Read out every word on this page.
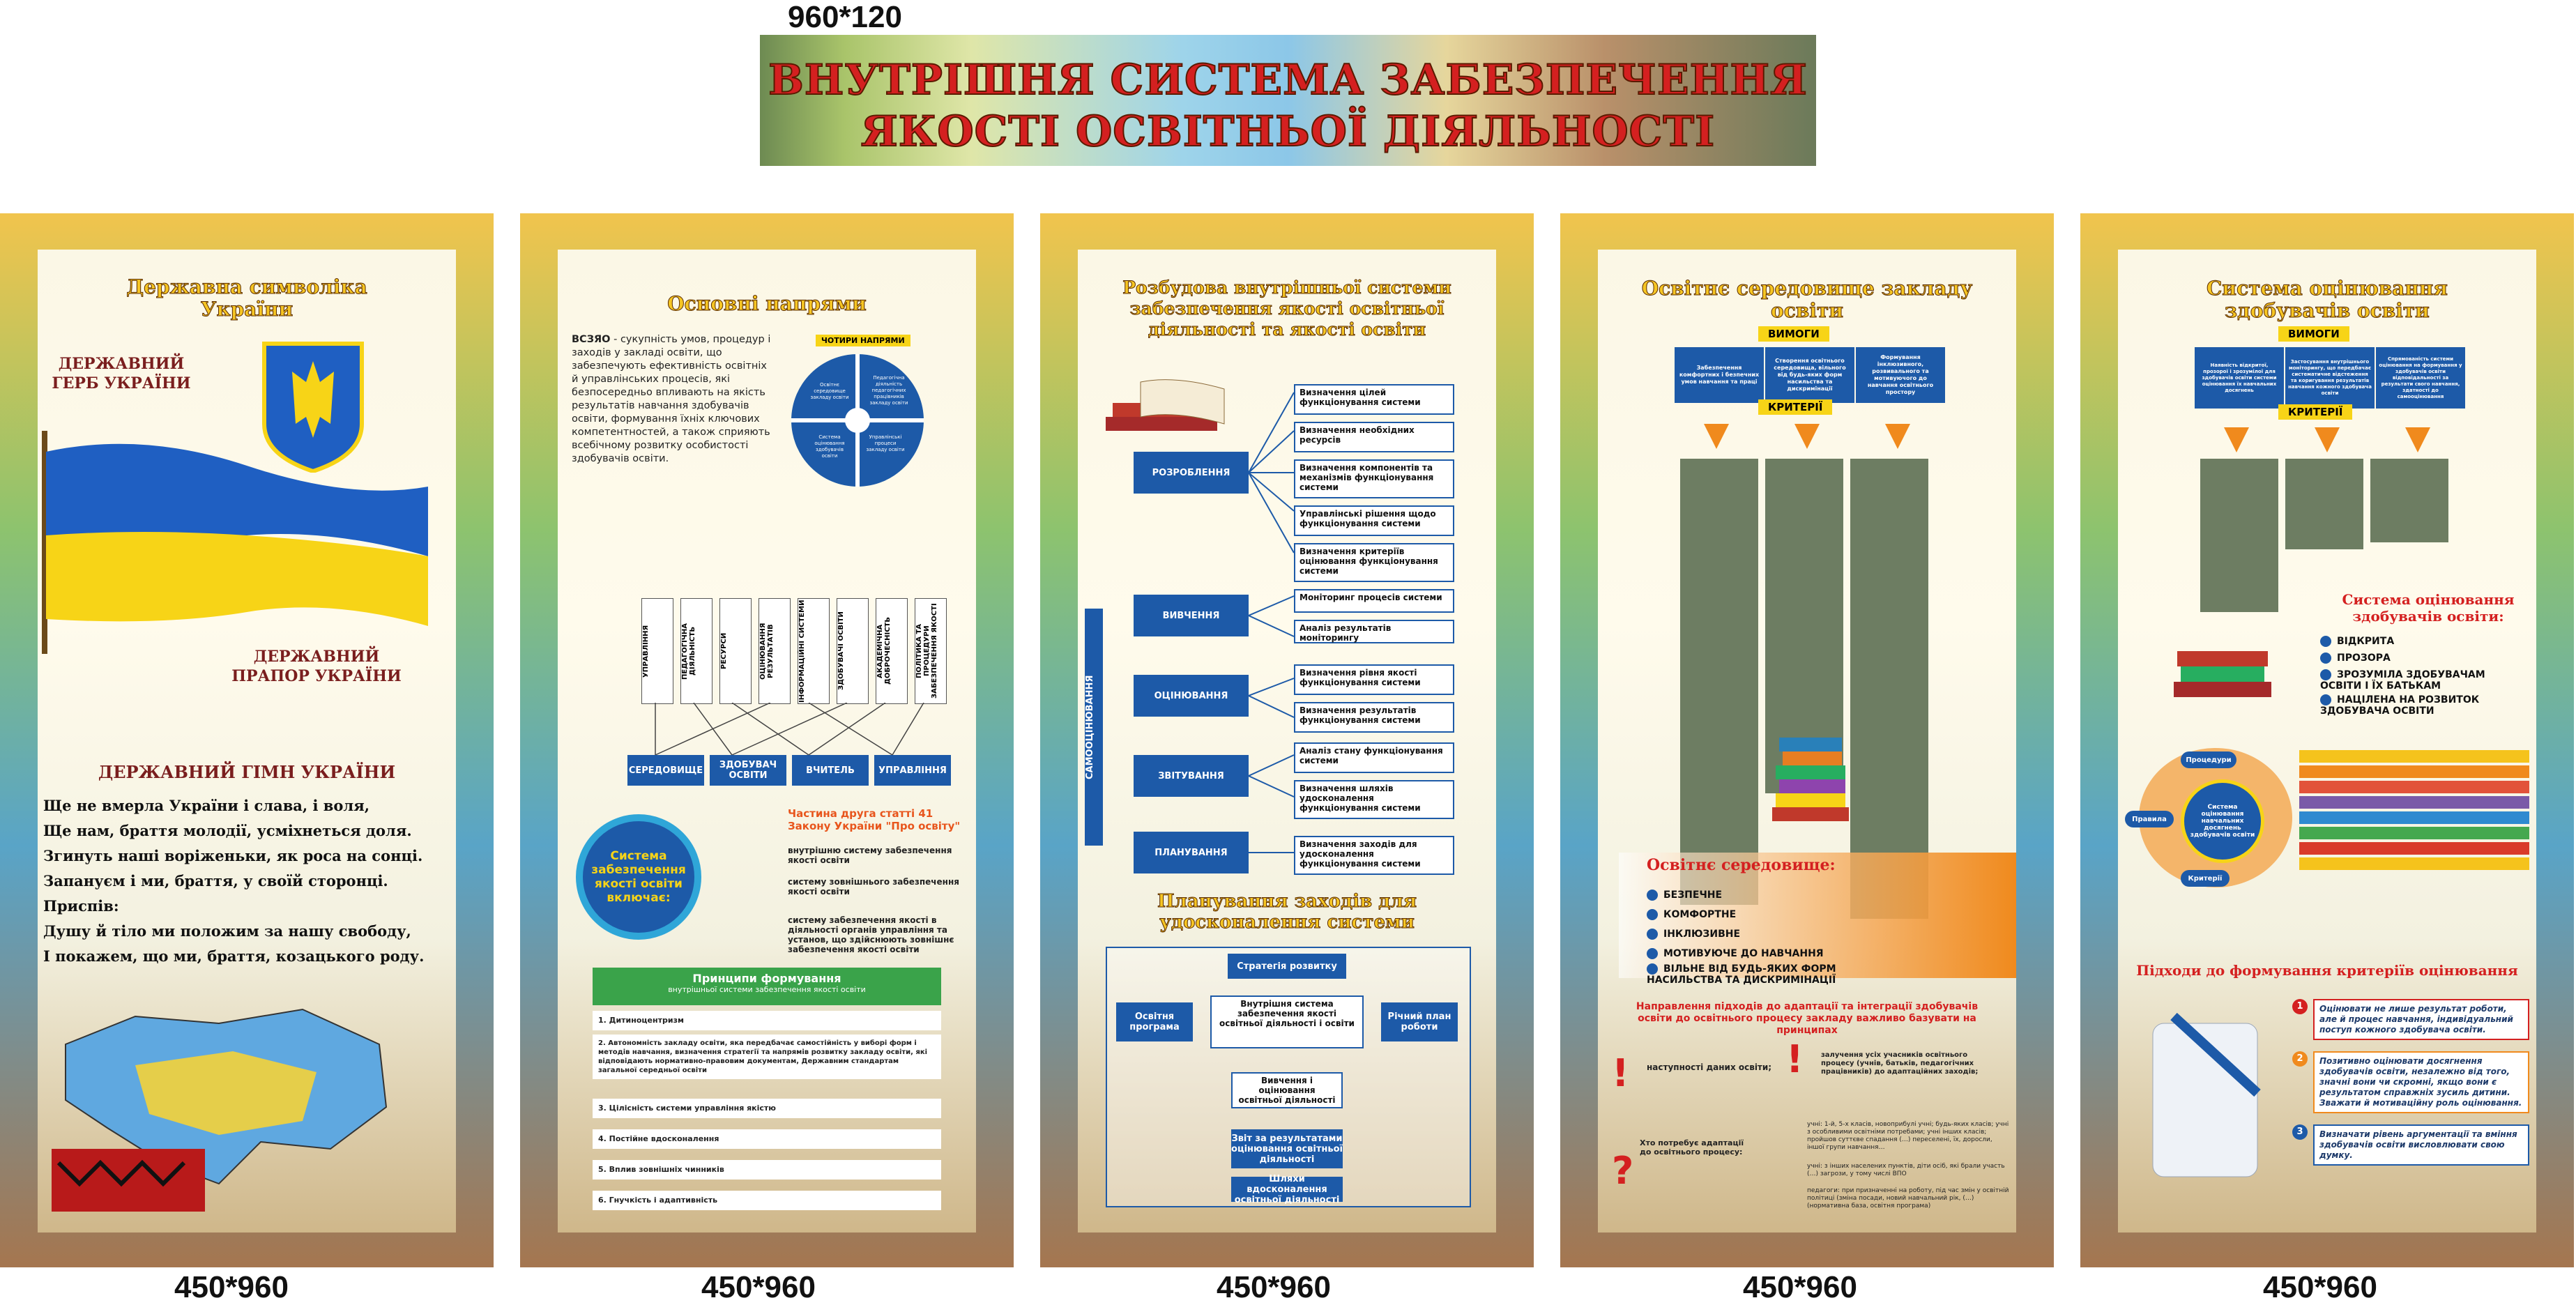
960*120
ВНУТРІШНЯ СИСТЕМА ЗАБЕЗПЕЧЕННЯ
ЯКОСТІ ОСВІТНЬОЇ ДІЯЛЬНОСТІ
Державна символіка України
ДЕРЖАВНИЙ ГЕРБ УКРАЇНИ
ДЕРЖАВНИЙ ПРАПОР УКРАЇНИ
ДЕРЖАВНИЙ ГІМН УКРАЇНИ
Ще не вмерла України і слава, і воля,
Ще нам, браття молодії, усміхнеться доля.
Згинуть наші воріженьки, як роса на сонці.
Запануєм і ми, браття, у своїй сторонці.
Приспів:
Душу й тіло ми положим за нашу свободу,
І покажем, що ми, браття, козацького роду.
450*960
Основні напрями
ВСЗЯО - сукупність умов, процедур і заходів у закладі освіти, що забезпечують ефективність освітніх й управлінських процесів, які безпосередньо впливають на якість результатів навчання здобувачів освіти, формування їхніх ключових компетентностей, а також сприяють всебічному розвитку особистості здобувачів освіти.
ЧОТИРИ НАПРЯМИ
Освітнє середовище закладу освіти
Педагогічна діяльність педагогічних працівників закладу освіти
Система оцінювання здобувачів освіти
Управлінські процеси закладу освіти
УПРАВЛІННЯ	ПЕДАГОГІЧНА ДІЯЛЬНІСТЬ	РЕСУРСИ	ОЦІНЮВАННЯ РЕЗУЛЬТАТІВ	ІНФОРМАЦІЙНІ СИСТЕМИ	ЗДОБУВАЧІ ОСВІТИ	АКАДЕМІЧНА ДОБРОЧЕСНІСТЬ	ПОЛІТИКА ТА ПРОЦЕДУРИ ЗАБЕЗПЕЧЕННЯ ЯКОСТІ
СЕРЕДОВИЩЕ	ЗДОБУВАЧ ОСВІТИ	ВЧИТЕЛЬ	УПРАВЛІННЯ
Система забезпечення якості освіти включає:
Частина друга статті 41 Закону України "Про освіту"
внутрішню систему забезпечення якості освіти
систему зовнішнього забезпечення якості освіти
систему забезпечення якості в діяльності органів управління та установ, що здійснюють зовнішнє забезпечення якості освіти
Принципи формування
внутрішньої системи забезпечення якості освіти
1. Дитиноцентризм
2. Автономність закладу освіти, яка передбачає самостійність у виборі форм і методів навчання, визначення стратегії та напрямів розвитку закладу освіти, які відповідають нормативно-правовим документам, Державним стандартам загальної середньої освіти
3. Цілісність системи управління якістю
4. Постійне вдосконалення
5. Вплив зовнішніх чинників
6. Гнучкість і адаптивність
450*960
Розбудова внутрішньої системи забезпечення якості освітньої діяльності та якості освіти
САМООЦІНЮВАННЯ
РОЗРОБЛЕННЯ
ВИВЧЕННЯ
ОЦІНЮВАННЯ
ЗВІТУВАННЯ
ПЛАНУВАННЯ
Визначення цілей функціонування системи
Визначення необхідних ресурсів
Визначення компонентів та механізмів функціонування системи
Управлінські рішення щодо функціонування системи
Визначення критеріїв оцінювання функціонування системи
Моніторинг процесів системи
Аналіз результатів моніторингу
Визначення рівня якості функціонування системи
Визначення результатів функціонування системи
Аналіз стану функціонування системи
Визначення шляхів удосконалення функціонування системи
Визначення заходів для удосконалення функціонування системи
Планування заходів для удосконалення системи
Стратегія розвитку
Освітня програма
Внутрішня система забезпечення якості освітньої діяльності і освіти
Річний план роботи
Вивчення і оцінювання освітньої діяльності
Звіт за результатами оцінювання освітньої діяльності
Шляхи вдосконалення освітньої діяльності
450*960
Освітнє середовище закладу освіти
ВИМОГИ
Забезпечення комфортних і безпечних умов навчання та праці
Створення освітнього середовища, вільного від будь-яких форм насильства та дискримінації
Формування інклюзивного, розвивального та мотивуючого до навчання освітнього простору
КРИТЕРІЇ
Освітнє середовище:
БЕЗПЕЧНЕ
КОМФОРТНЕ
ІНКЛЮЗИВНЕ
МОТИВУЮЧЕ ДО НАВЧАННЯ
ВІЛЬНЕ ВІД БУДЬ-ЯКИХ ФОРМ НАСИЛЬСТВА ТА ДИСКРИМІНАЦІЇ
Направлення підходів до адаптації та інтеграції здобувачів освіти до освітнього процесу закладу важливо базувати на принципах
наступності даних освіти;
залучення усіх учасників освітнього процесу (учнів, батьків, педагогічних працівників) до адаптаційних заходів;
Хто потребує адаптації до освітнього процесу:
учні: 1-й, 5-х класів, новоприбулі учні; будь-яких класів; учні з особливими освітніми потребами; учні інших класів; пройшов суттєве спадання (…) переселені, їх, доросли, іншої групи навчання…
учні: з інших населених пунктів, діти осіб, які брали участь (…) загрози, у тому числі ВПО
педагоги: при призначенні на роботу, під час змін у освітній політиці (зміна посади, новий навчальний рік, (…) (нормативна база, освітня програма)
!	!
?
450*960
Система оцінювання здобувачів освіти
ВИМОГИ
Наявність відкритої, прозорої і зрозумілої для здобувачів освіти системи оцінювання їх навчальних досягнень
Застосування внутрішнього моніторингу, що передбачає систематичне відстеження та коригування результатів навчання кожного здобувача освіти
Спрямованість системи оцінювання на формування у здобувачів освіти відповідальності за результати свого навчання, здатності до самооцінювання
КРИТЕРІЇ
Система оцінювання здобувачів освіти:
ВІДКРИТА
ПРОЗОРА
ЗРОЗУМІЛА ЗДОБУВАЧАМ ОСВІТИ І ЇХ БАТЬКАМ
НАЦІЛЕНА НА РОЗВИТОК ЗДОБУВАЧА ОСВІТИ
Система оцінювання навчальних досягнень здобувачів освіти
Процедури
Правила
Критерії
Підходи до формування критеріїв оцінювання
1	Оцінювати не лише результат роботи, але й процес навчання, індивідуальний поступ кожного здобувача освіти.
2	Позитивно оцінювати досягнення здобувачів освіти, незалежно від того, значні вони чи скромні, якщо вони є результатом справжніх зусиль дитини. Зважати й мотиваційну роль оцінювання.
3	Визначати рівень аргументації та вміння здобувачів освіти висловлювати свою думку.
450*960
